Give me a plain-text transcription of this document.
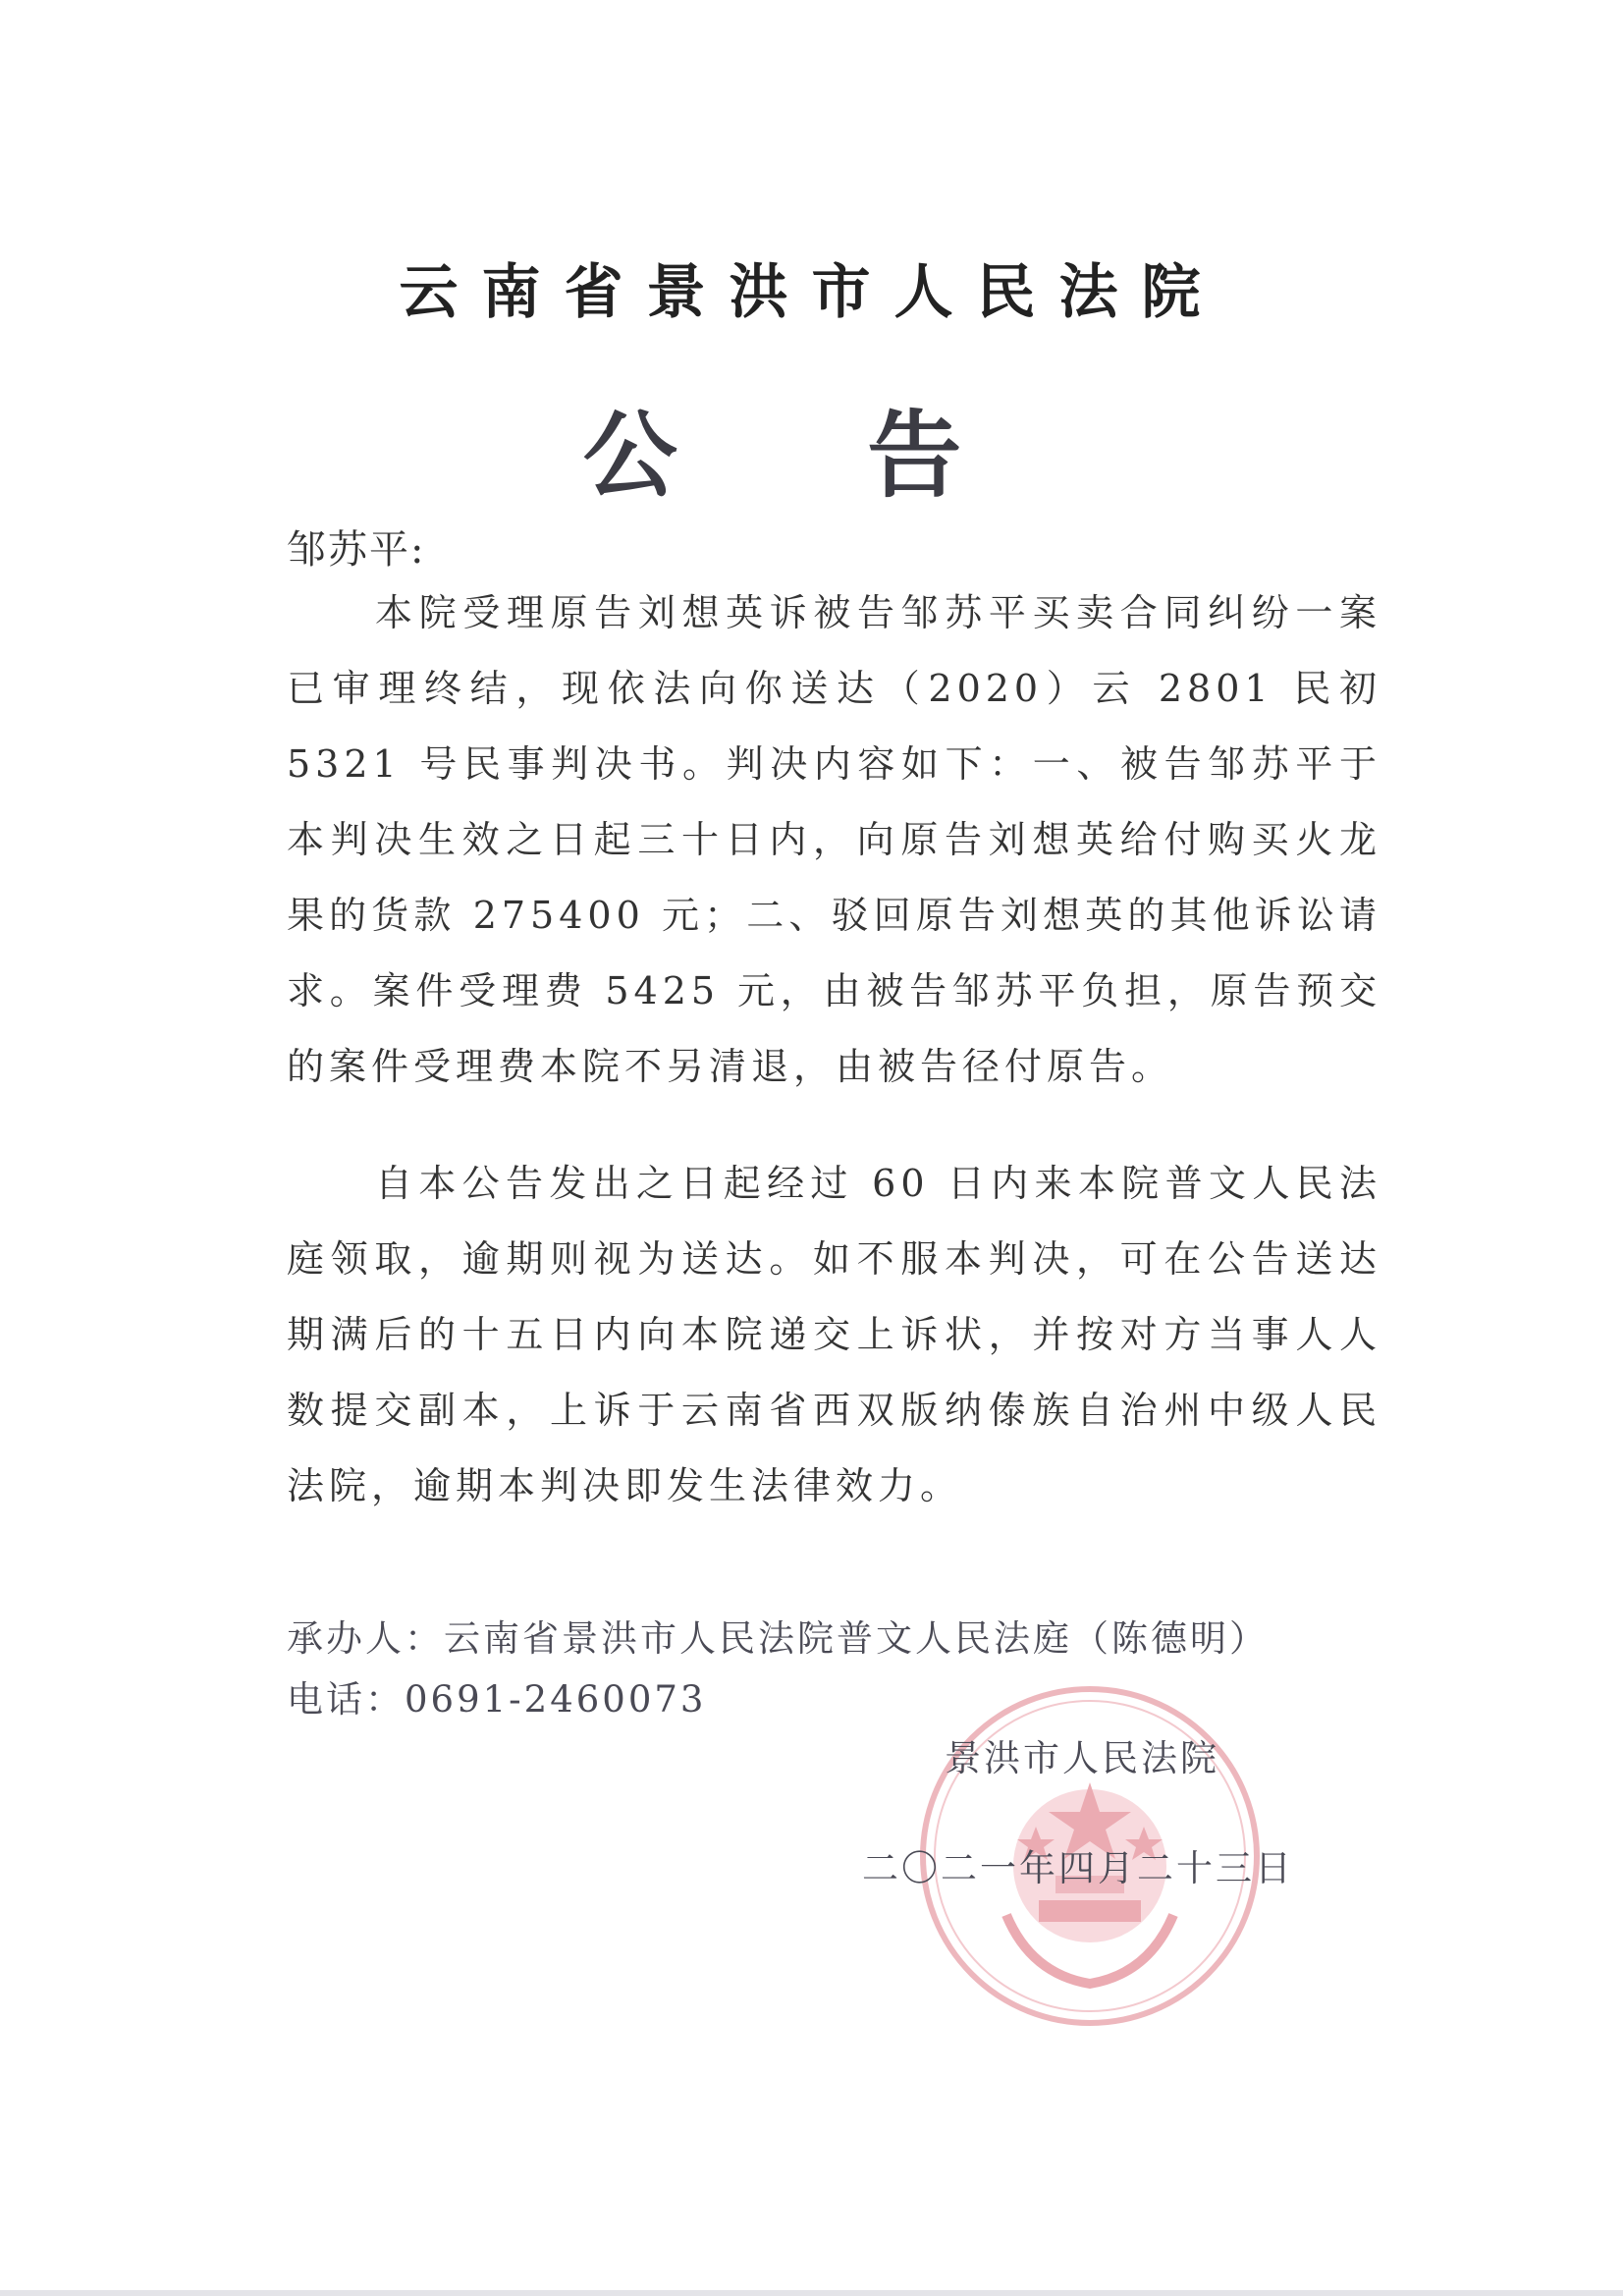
云南省景洪市人民法院
公 告
邹苏平:

本院受理原告刘想英诉被告邹苏平买卖合同纠纷一案已审理终结，现依法向你送达（2020）云 2801 民初 5321 号民事判决书。判决内容如下：一、被告邹苏平于本判决生效之日起三十日内，向原告刘想英给付购买火龙果的货款 275400 元；二、驳回原告刘想英的其他诉讼请求。案件受理费 5425 元，由被告邹苏平负担，原告预交的案件受理费本院不另清退，由被告径付原告。

自本公告发出之日起经过 60 日内来本院普文人民法庭领取，逾期则视为送达。如不服本判决，可在公告送达期满后的十五日内向本院递交上诉状，并按对方当事人人数提交副本，上诉于云南省西双版纳傣族自治州中级人民法院，逾期本判决即发生法律效力。

承办人：云南省景洪市人民法院普文人民法庭（陈德明）
电话：0691-2460073
景洪市人民法院
二〇二一年四月二十三日
